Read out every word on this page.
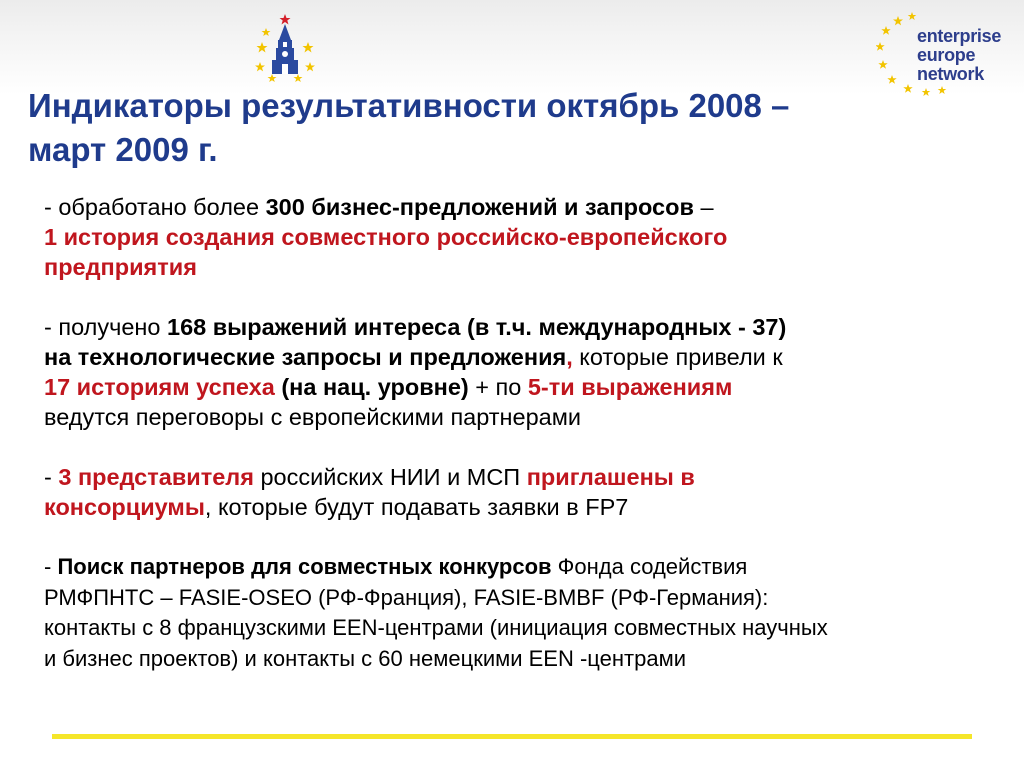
enterprise
europe
network
Индикаторы результативности октябрь 2008 –
март 2009 г.

- обработано более 300 бизнес-предложений и запросов –
1 история создания совместного российско-европейского
предприятия

- получено 168 выражений интереса (в т.ч. международных - 37)
на технологические запросы и предложения, которые привели к
17 историям успеха (на нац. уровне) + по 5-ти выражениям
ведутся переговоры с европейскими партнерами

- 3 представителя российских НИИ и МСП приглашены в
консорциумы, которые будут подавать заявки в FP7

- Поиск партнеров для совместных конкурсов Фонда содействия
РМФПНТС – FASIE-OSEO (РФ-Франция), FASIE-BMBF (РФ-Германия):
контакты с 8 французскими EEN-центрами (инициация совместных научных
и бизнес проектов) и контакты с 60 немецкими EEN -центрами
